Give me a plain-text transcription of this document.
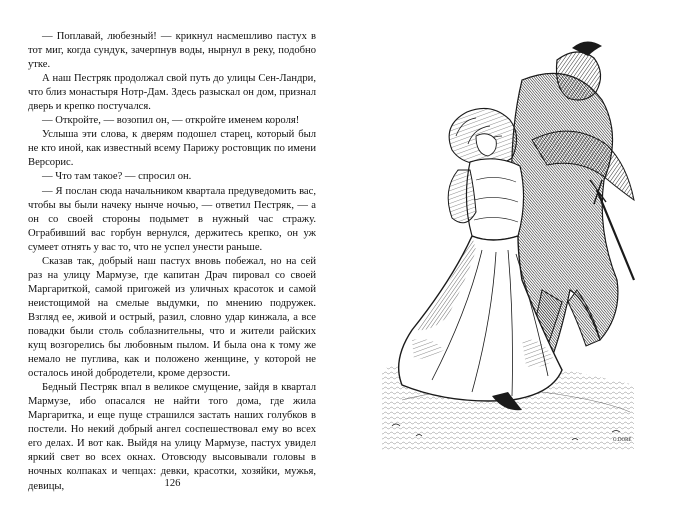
— Поплавай, любезный! — крикнул насмешливо пастух в тот миг, когда сундук, зачерпнув воды, нырнул в реку, подобно утке.

А наш Пестряк продолжал свой путь до улицы Сен-Ландри, что близ монастыря Нотр-Дам. Здесь разыскал он дом, признал дверь и крепко постучался.

— Откройте, — возопил он, — откройте именем короля!

Услыша эти слова, к дверям подошел старец, который был не кто иной, как известный всему Парижу ростовщик по имени Версорис.

— Что там такое? — спросил он.

— Я послан сюда начальником квартала предуведомить вас, чтобы вы были начеку нынче ночью, — ответил Пестряк, — а он со своей стороны подымет в нужный час стражу. Ограбивший вас горбун вернулся, держитесь крепко, он уж сумеет отнять у вас то, что не успел унести раньше.

Сказав так, добрый наш пастух вновь побежал, но на сей раз на улицу Мармузе, где капитан Драч пировал со своей Маргариткой, самой пригожей из уличных красоток и самой неистощимой на смелые выдумки, по мнению подружек. Взгляд ее, живой и острый, разил, словно удар кинжала, а все повадки были столь соблазнительны, что и жители райских кущ возгорелись бы любовным пылом. И была она к тому же немало не пуглива, как и положено женщине, у которой не осталось иной добродетели, кроме дерзости.

Бедный Пестряк впал в великое смущение, зайдя в квартал Мармузе, ибо опасался не найти того дома, где жила Маргаритка, и еще пуще страшился застать наших голубков в постели. Но некий добрый ангел соспешествовал ему во всех его делах. И вот как. Выйдя на улицу Мармузе, пастух увидел яркий свет во всех окнах. Отовсюду высовывали головы в ночных колпаках и чепцах: девки, красотки, хозяйки, мужья, девицы,	126
G.DORÉ
